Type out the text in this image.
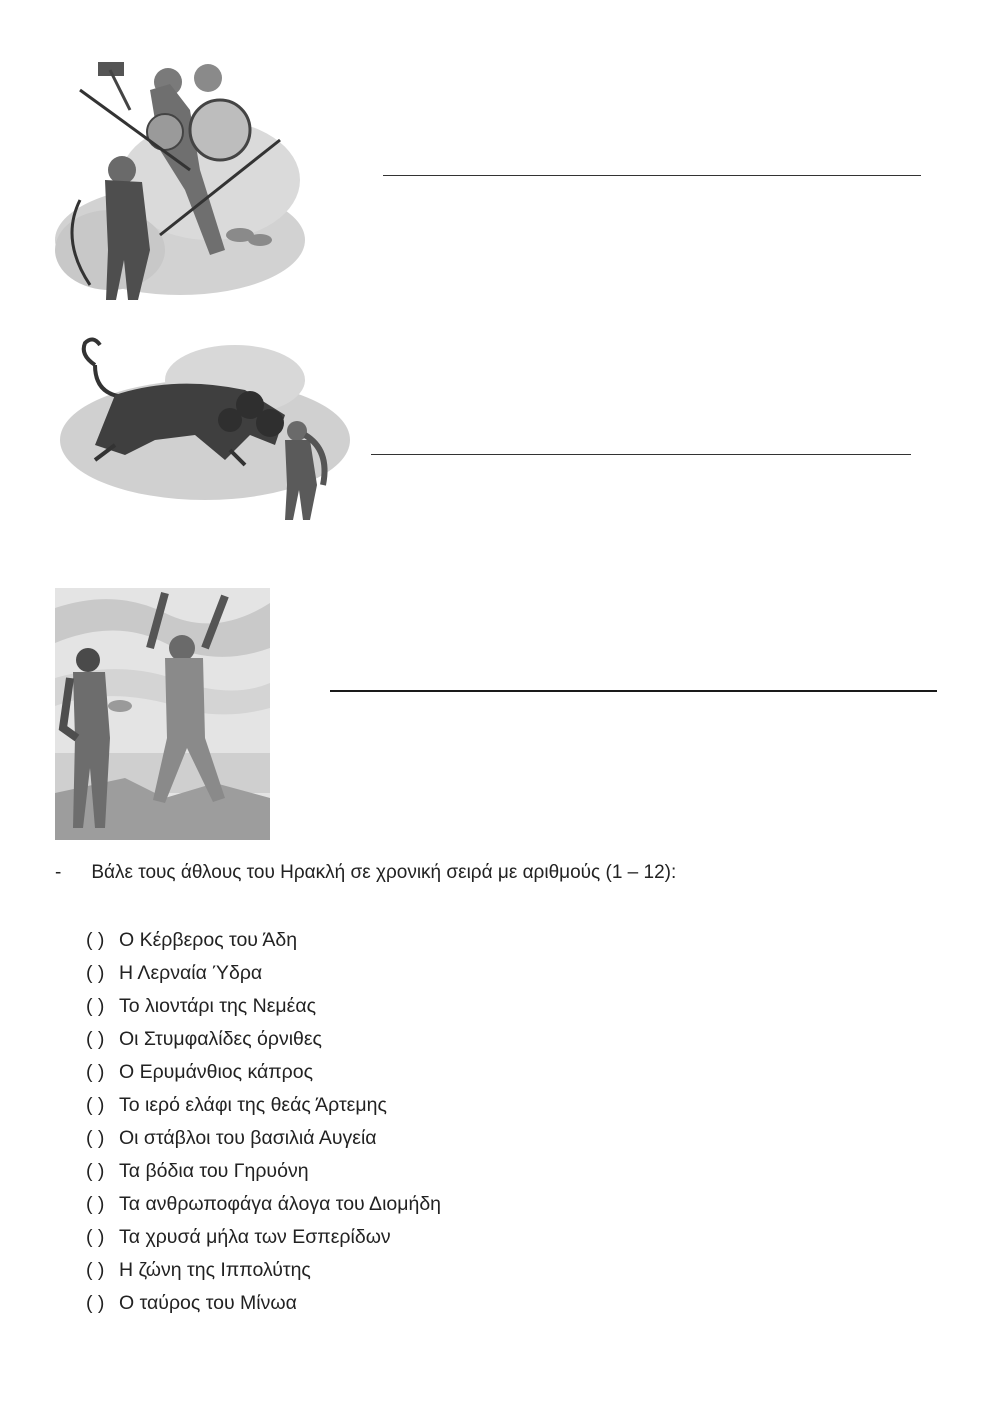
- Βάλε τους άθλους του Ηρακλή σε χρονική σειρά με αριθμούς (1 – 12):
( ) Ο Κέρβερος του Άδη
( ) Η Λερναία Ύδρα
( ) Το λιοντάρι της Νεμέας
( ) Οι Στυμφαλίδες όρνιθες
( ) Ο Ερυμάνθιος κάπρος
( ) Το ιερό ελάφι της θεάς Άρτεμης
( ) Οι στάβλοι του βασιλιά Αυγεία
( ) Τα βόδια του Γηρυόνη
( ) Τα ανθρωποφάγα άλογα του Διομήδη
( ) Τα χρυσά μήλα των Εσπερίδων
( ) Η ζώνη της Ιππολύτης
( ) Ο ταύρος του Μίνωα
